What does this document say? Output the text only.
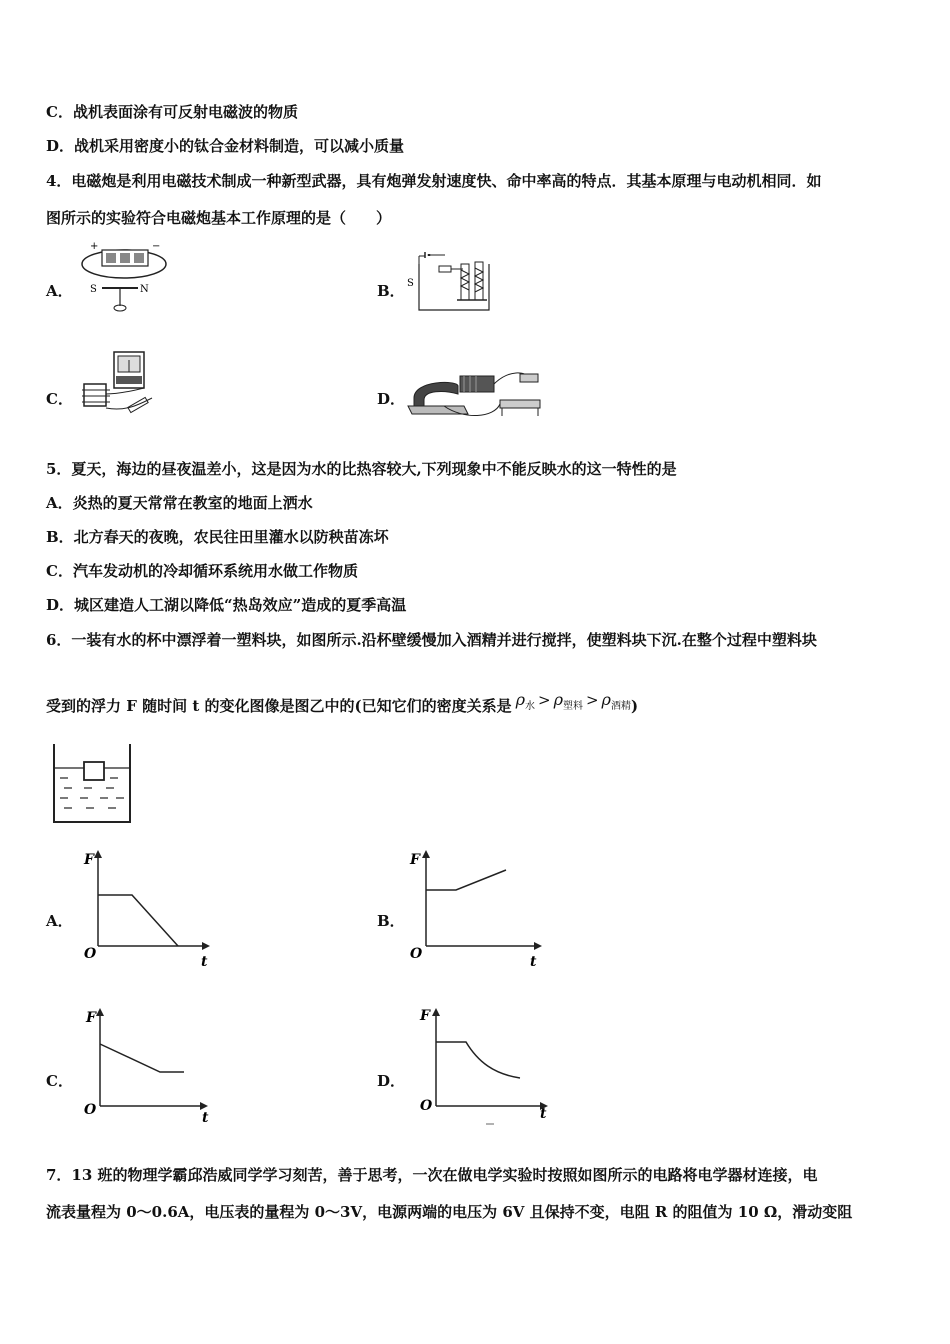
C．战机表面涂有可反射电磁波的物质
D．战机采用密度小的钛合金材料制造，可以减小质量
4．电磁炮是利用电磁技术制成一种新型武器，具有炮弹发射速度快、命中率高的特点．其基本原理与电动机相同．如
图所示的实验符合电磁炮基本工作原理的是（　　）
A．
+	−
S	N	B． S
C．	D．
5．夏天，海边的昼夜温差小，这是因为水的比热容较大,下列现象中不能反映水的这一特性的是
A．炎热的夏天常常在教室的地面上洒水
B．北方春天的夜晚，农民往田里灌水以防秧苗冻坏
C．汽车发动机的冷却循环系统用水做工作物质
D．城区建造人工湖以降低“热岛效应”造成的夏季高温
6．一装有水的杯中漂浮着一塑料块，如图所示.沿杯壁缓慢加入酒精并进行搅拌，使塑料块下沉.在整个过程中塑料块
受到的浮力 F 随时间 t 的变化图像是图乙中的(已知它们的密度关系是 $\rho_水 > \rho_{塑料} > \rho_{酒精}$)
A．
F
O	t
B．
F
O	t
C．
F
O	t
D．
F
O	t
7．13 班的物理学霸邱浩威同学学习刻苦，善于思考，一次在做电学实验时按照如图所示的电路将电学器材连接，电
流表量程为 0～0.6A，电压表的量程为 0～3V，电源两端的电压为 6V 且保持不变，电阻 R 的阻值为 10 Ω，滑动变阻
